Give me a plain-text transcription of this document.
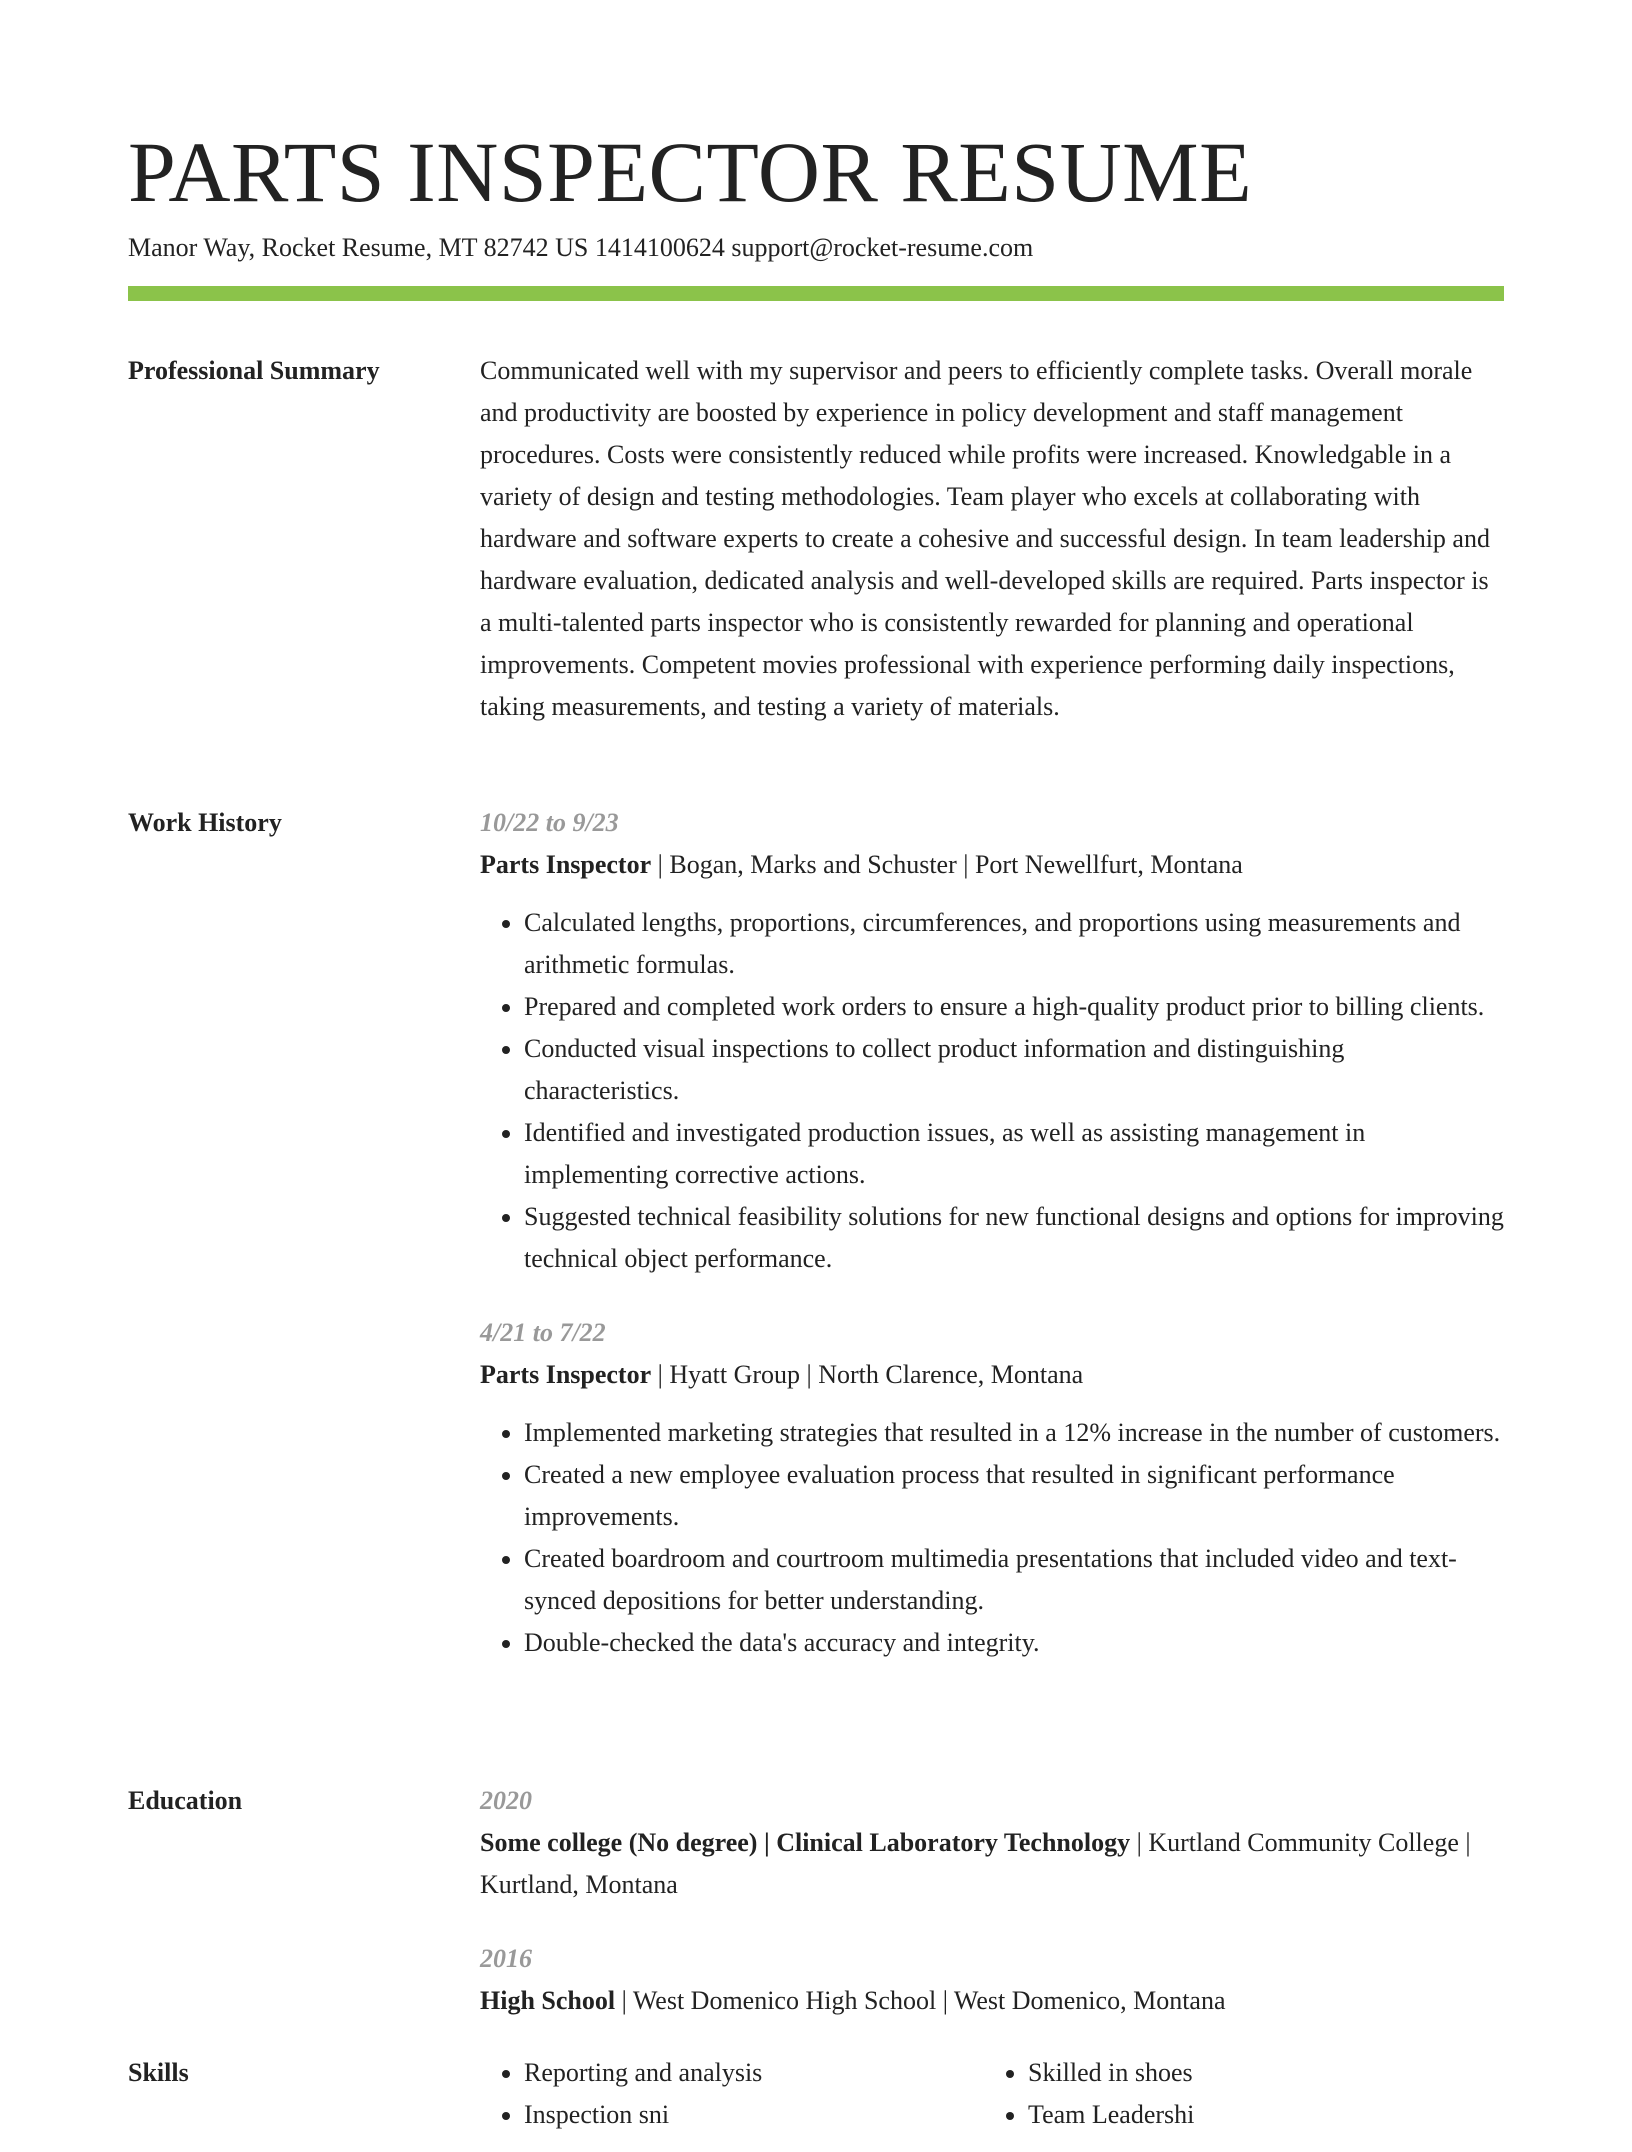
PARTS INSPECTOR RESUME
Manor Way, Rocket Resume, MT 82742 US 1414100624 support@rocket-resume.com
Professional Summary	Communicated well with my supervisor and peers to efficiently complete tasks. Overall morale and productivity are boosted by experience in policy development and staff management procedures. Costs were consistently reduced while profits were increased. Knowledgable in a variety of design and testing methodologies. Team player who excels at collaborating with hardware and software experts to create a cohesive and successful design. In team leadership and hardware evaluation, dedicated analysis and well-developed skills are required. Parts inspector is a multi-talented parts inspector who is consistently rewarded for planning and operational improvements. Competent movies professional with experience performing daily inspections, taking measurements, and testing a variety of materials.

Work History	10/22 to 9/23
Parts Inspector | Bogan, Marks and Schuster | Port Newellfurt, Montana
• Calculated lengths, proportions, circumferences, and proportions using measurements and arithmetic formulas.
• Prepared and completed work orders to ensure a high-quality product prior to billing clients.
• Conducted visual inspections to collect product information and distinguishing characteristics.
• Identified and investigated production issues, as well as assisting management in implementing corrective actions.
• Suggested technical feasibility solutions for new functional designs and options for improving technical object performance.
4/21 to 7/22
Parts Inspector | Hyatt Group | North Clarence, Montana
• Implemented marketing strategies that resulted in a 12% increase in the number of customers.
• Created a new employee evaluation process that resulted in significant performance improvements.
• Created boardroom and courtroom multimedia presentations that included video and text-synced depositions for better understanding.
• Double-checked the data's accuracy and integrity.
Education	2020
Some college (No degree) | Clinical Laboratory Technology | Kurtland Community College | Kurtland, Montana
2016
High School | West Domenico High School | West Domenico, Montana
Skills
•	Reporting and analysis
• Inspection sni
• Skilled in shoes
• Team Leadershi
